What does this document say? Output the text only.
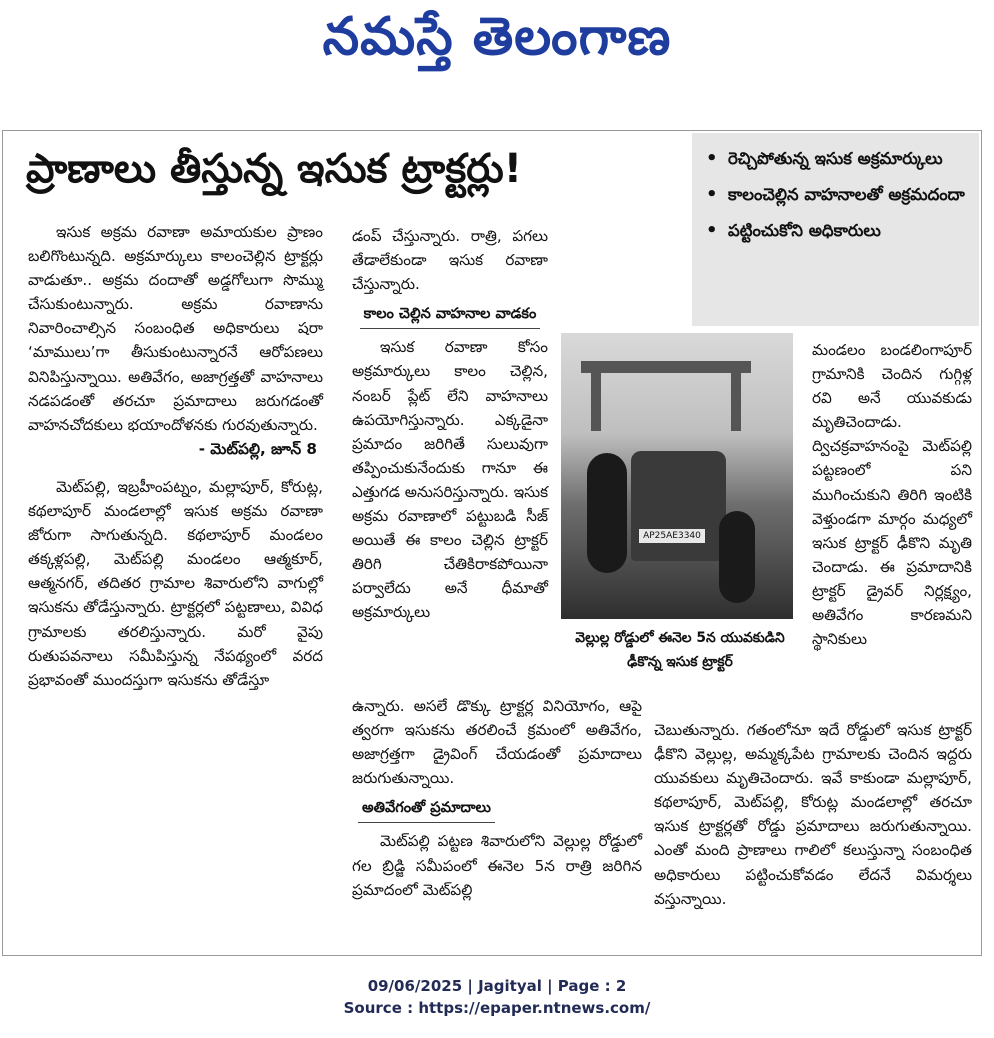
నమస్తే తెలంగాణ
ప్రాణాలు తీస్తున్న ఇసుక ట్రాక్టర్లు!	• రెచ్చిపోతున్న ఇసుక అక్రమార్కులు
• కాలంచెల్లిన వాహనాలతో అక్రమదందా
• పట్టించుకోని అధికారులు

ఇసుక అక్రమ రవాణా అమాయకుల ప్రాణం బలిగొంటున్నది. అక్రమార్కులు కాలంచెల్లిన ట్రాక్టర్లు వాడుతూ.. అక్రమ దందాతో అడ్డగోలుగా సొమ్ము చేసుకుంటున్నారు. అక్రమ రవాణాను నివారించాల్సిన సంబంధిత అధికారులు షరా ‘మాములు’గా తీసుకుంటున్నారనే ఆరోపణలు వినిపిస్తున్నాయి. అతివేగం, అజాగ్రత్తతో వాహనాలు నడపడంతో తరచూ ప్రమాదాలు జరుగడంతో వాహనచోదకులు భయాందోళనకు గురవుతున్నారు.

- మెట్‌పల్లి, జూన్ 8

మెట్‌పల్లి, ఇబ్రహీంపట్నం, మల్లాపూర్, కోరుట్ల, కథలాపూర్ మండలాల్లో ఇసుక అక్రమ రవాణా జోరుగా సాగుతున్నది. కథలాపూర్ మండలం తక్కళ్లపల్లి, మెట్‌పల్లి మండలం ఆత్మకూర్, ఆత్మనగర్, తదితర గ్రామాల శివారులోని వాగుల్లో ఇసుకను తోడేస్తున్నారు. ట్రాక్టర్లలో పట్టణాలు, వివిధ గ్రామాలకు తరలిస్తున్నారు. మరో వైపు రుతుపవనాలు సమీపిస్తున్న నేపథ్యంలో వరద ప్రభావంతో ముందస్తుగా ఇసుకను తోడేస్తూ

డంప్ చేస్తున్నారు. రాత్రి, పగలు తేడాలేకుండా ఇసుక రవాణా చేస్తున్నారు.

కాలం చెల్లిన వాహనాల వాడకం

ఇసుక రవాణా కోసం అక్రమార్కులు కాలం చెల్లిన, నంబర్ ప్లేట్ లేని వాహనాలు ఉపయోగిస్తున్నారు. ఎక్కడైనా ప్రమాదం జరిగితే సులువుగా తప్పించుకునేందుకు గానూ ఈ ఎత్తుగడ అనుసరిస్తున్నారు. ఇసుక అక్రమ రవాణాలో పట్టుబడి సీజ్ అయితే ఈ కాలం చెల్లిన ట్రాక్టర్ తిరిగి చేతికిరాకపోయినా పర్వాలేదు అనే ధీమాతో అక్రమార్కులు

ఉన్నారు. అసలే డొక్కు ట్రాక్టర్ల వినియోగం, ఆపై త్వరగా ఇసుకను తరలించే క్రమంలో అతివేగం, అజాగ్రత్తగా డ్రైవింగ్ చేయడంతో ప్రమాదాలు జరుగుతున్నాయి.

అతివేగంతో ప్రమాదాలు

మెట్‌పల్లి పట్టణ శివారులోని వెల్లుల్ల రోడ్డులో గల బ్రిడ్జి సమీపంలో ఈనెల 5న రాత్రి జరిగిన ప్రమాదంలో మెట్‌పల్లి

AP25AE3340
వెల్లుల్ల రోడ్డులో ఈనెల 5న యువకుడిని ఢీకొన్న ఇసుక ట్రాక్టర్

మండలం బండలింగాపూర్ గ్రామానికి చెందిన గుగ్గిళ్ల రవి అనే యువకుడు మృతిచెందాడు. ద్విచక్రవాహనంపై మెట్‌పల్లి పట్టణంలో పని ముగించుకుని తిరిగి ఇంటికి వెళ్తుండగా మార్గం మధ్యలో ఇసుక ట్రాక్టర్ ఢీకొని మృతి చెందాడు. ఈ ప్రమాదానికి ట్రాక్టర్ డ్రైవర్ నిర్లక్ష్యం, అతివేగం కారణమని స్థానికులు

చెబుతున్నారు. గతంలోనూ ఇదే రోడ్డులో ఇసుక ట్రాక్టర్ ఢీకొని వెల్లుల్ల, అమ్మక్కపేట గ్రామాలకు చెందిన ఇద్దరు యువకులు మృతిచెందారు. ఇవే కాకుండా మల్లాపూర్, కథలాపూర్, మెట్‌పల్లి, కోరుట్ల మండలాల్లో తరచూ ఇసుక ట్రాక్టర్లతో రోడ్డు ప్రమాదాలు జరుగుతున్నాయి. ఎంతో మంది ప్రాణాలు గాలిలో కలుస్తున్నా సంబంధిత అధికారులు పట్టించుకోవడం లేదనే విమర్శలు వస్తున్నాయి.

09/06/2025 | Jagityal | Page : 2
Source : https://epaper.ntnews.com/
